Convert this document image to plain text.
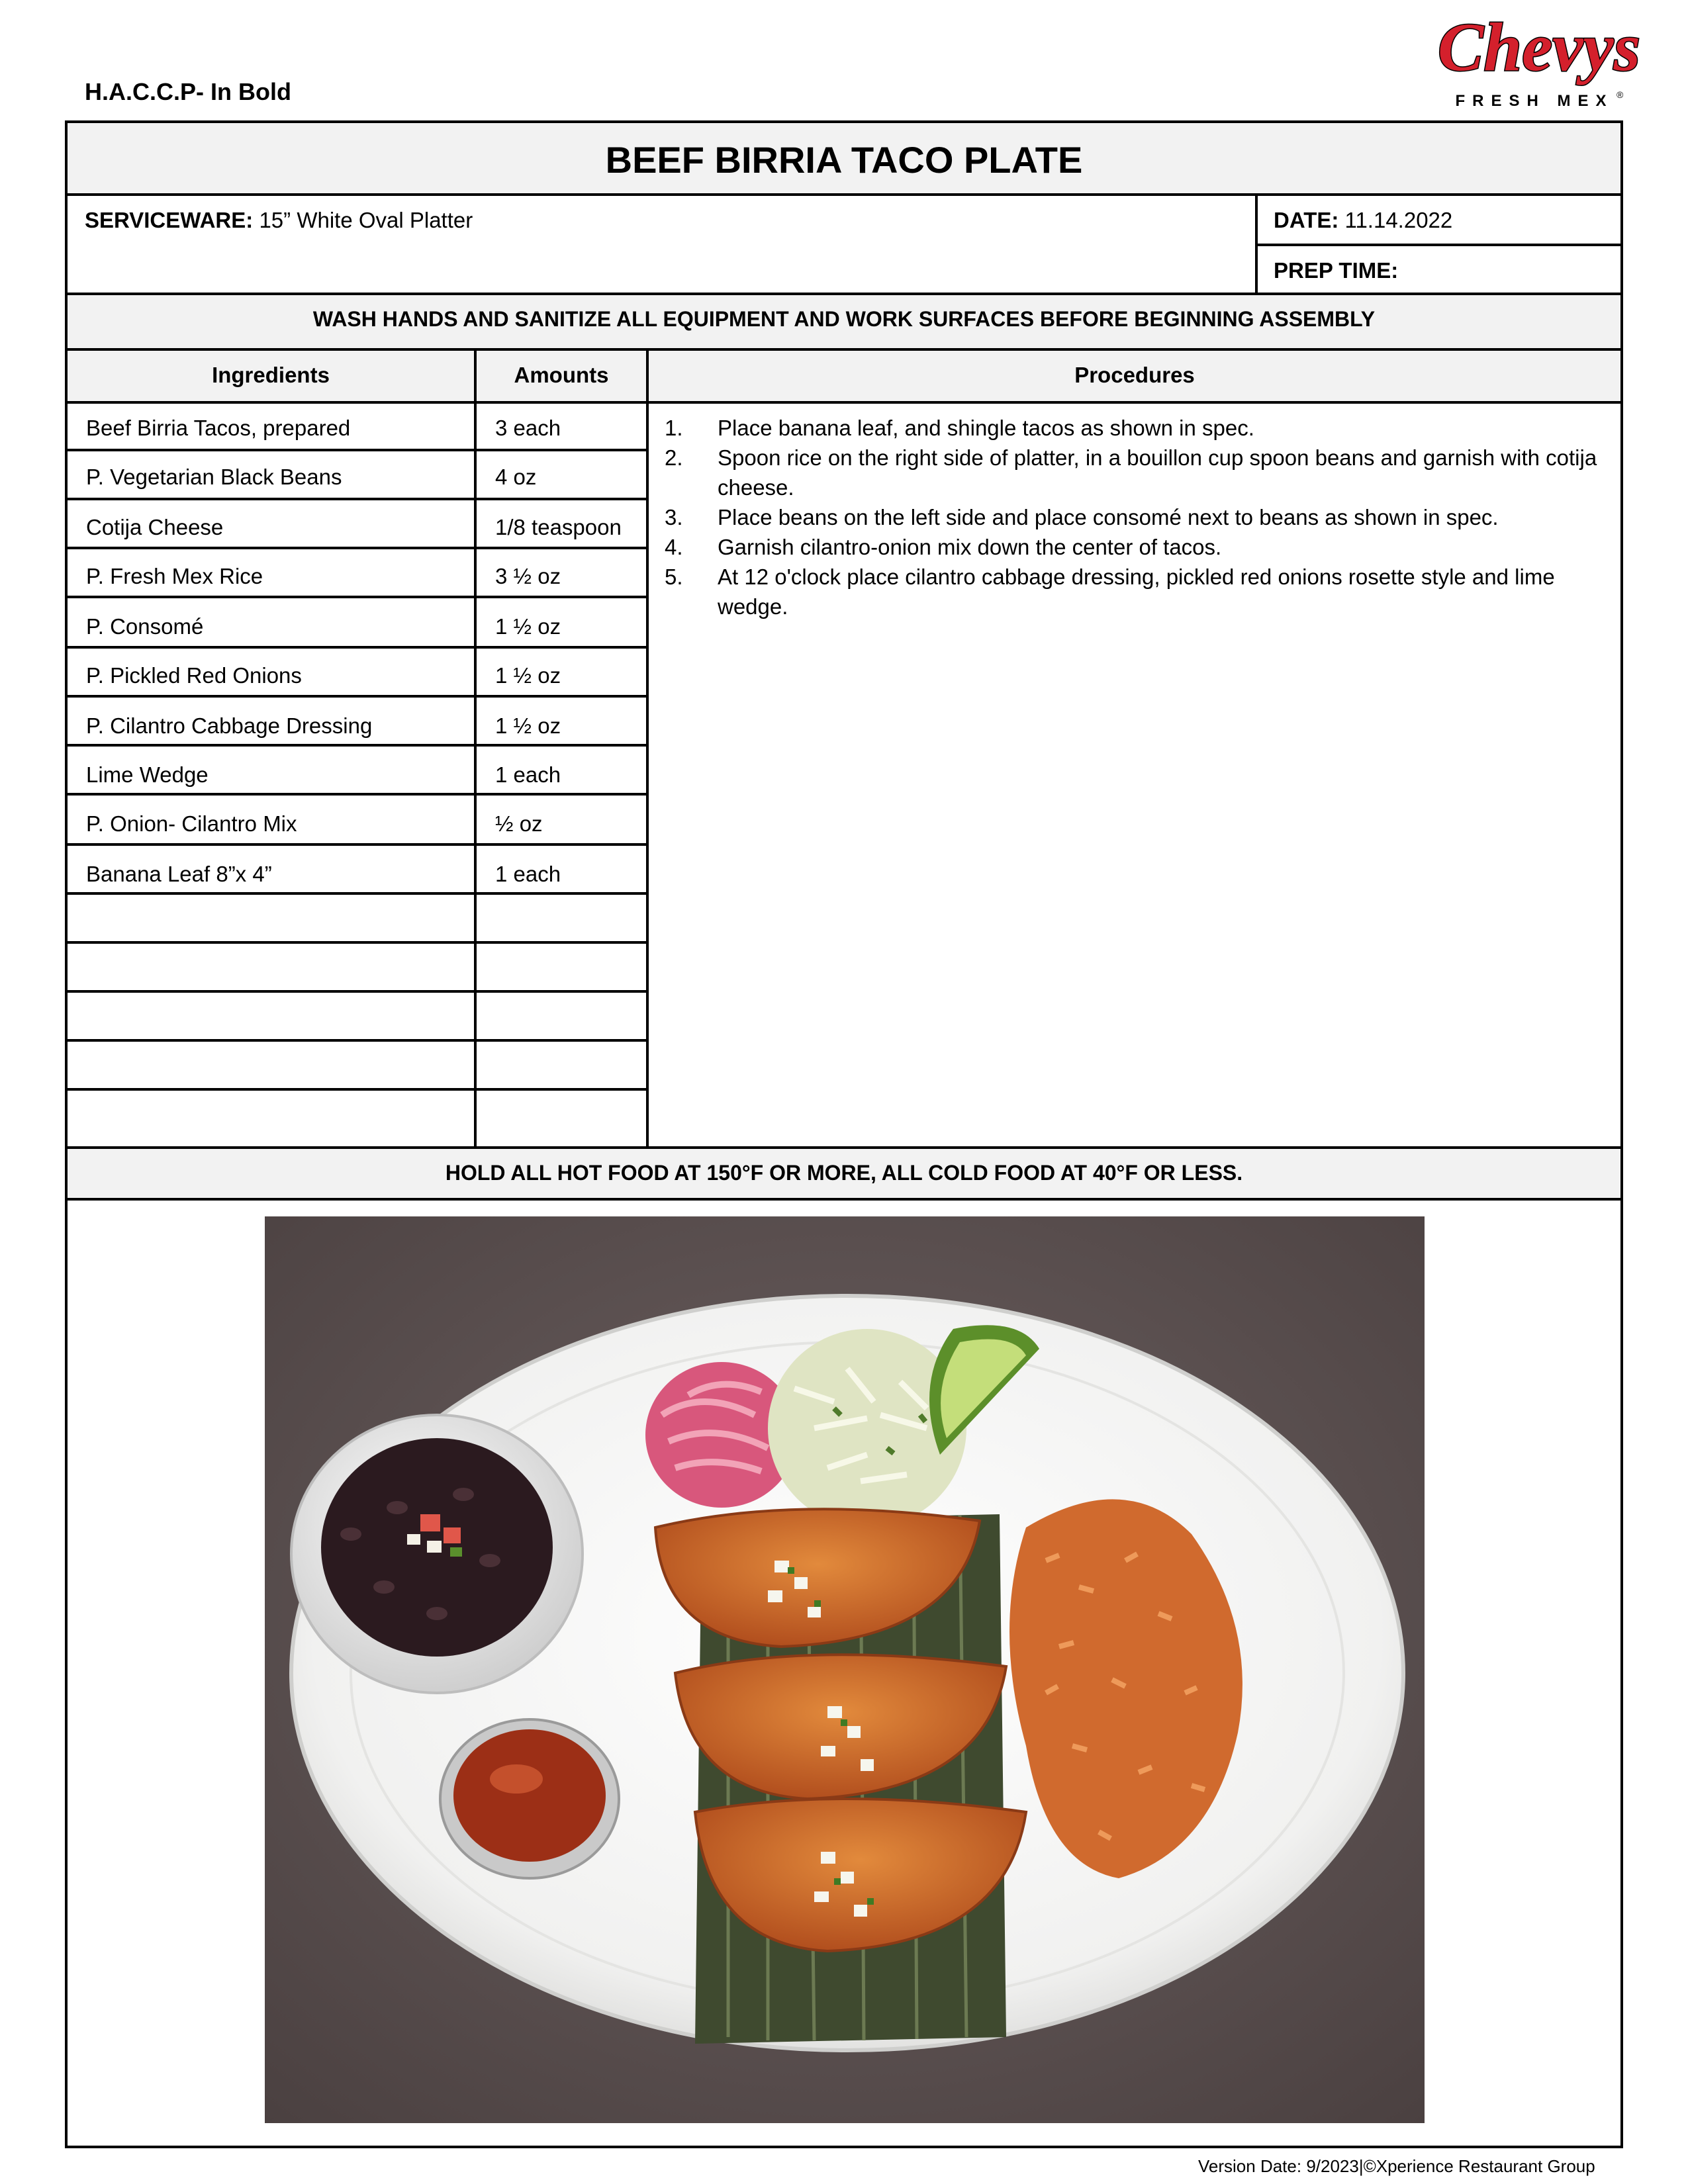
H.A.C.C.P- In Bold
Chevys
FRESH MEX ®
BEEF BIRRIA TACO PLATE
SERVICEWARE: 15” White Oval Platter	DATE: 11.14.2022
PREP TIME:
WASH HANDS AND SANITIZE ALL EQUIPMENT AND WORK SURFACES BEFORE BEGINNING ASSEMBLY
Ingredients	Amounts	Procedures
Beef Birria Tacos, prepared	3 each
P. Vegetarian Black Beans	4 oz
Cotija Cheese	1/8 teaspoon
P. Fresh Mex Rice	3 ½ oz
P. Consomé	1 ½ oz
P. Pickled Red Onions	1 ½ oz
P. Cilantro Cabbage Dressing	1 ½ oz
Lime Wedge	1 each
P. Onion- Cilantro Mix	½ oz
Banana Leaf 8”x 4”	1 each
1. Place banana leaf, and shingle tacos as shown in spec.
2. Spoon rice on the right side of platter, in a bouillon cup spoon beans and garnish with cotija cheese.
3. Place beans on the left side and place consomé next to beans as shown in spec.
4. Garnish cilantro-onion mix down the center of tacos.
5. At 12 o'clock place cilantro cabbage dressing, pickled red onions rosette style and lime wedge.
HOLD ALL HOT FOOD AT 150°F OR MORE, ALL COLD FOOD AT 40°F OR LESS.
Version Date: 9/2023|©Xperience Restaurant Group
